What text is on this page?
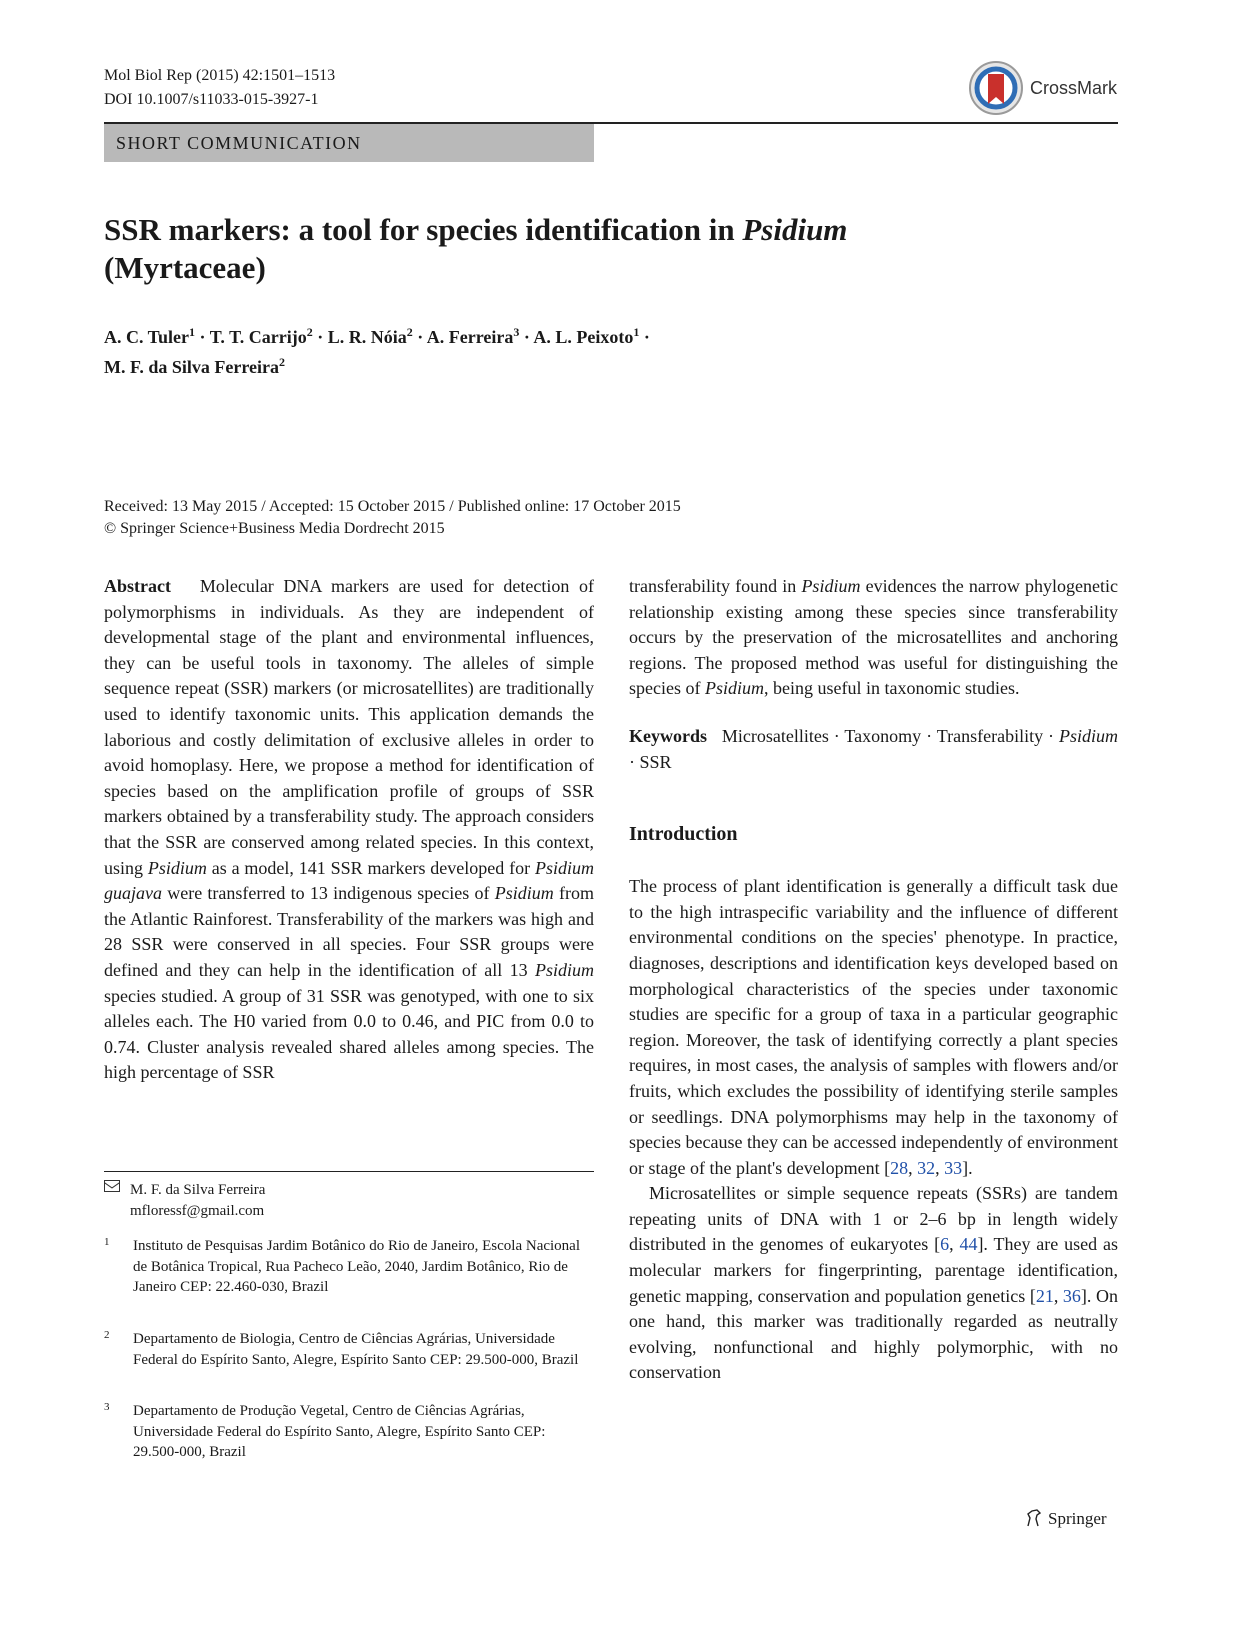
Mol Biol Rep (2015) 42:1501–1513
DOI 10.1007/s11033-015-3927-1
CrossMark
SHORT COMMUNICATION
SSR markers: a tool for species identification in Psidium
(Myrtaceae)
A. C. Tuler$^1$ · T. T. Carrijo$^2$ · L. R. Nóia$^2$ · A. Ferreira$^3$ · A. L. Peixoto$^1$ ·
M. F. da Silva Ferreira$^2$
Received: 13 May 2015 / Accepted: 15 October 2015 / Published online: 17 October 2015
© Springer Science+Business Media Dordrecht 2015

Abstract Molecular DNA markers are used for detection of polymorphisms in individuals. As they are independent of developmental stage of the plant and environmental influences, they can be useful tools in taxonomy. The alleles of simple sequence repeat (SSR) markers (or microsatellites) are traditionally used to identify taxonomic units. This application demands the laborious and costly delimitation of exclusive alleles in order to avoid homoplasy. Here, we propose a method for identification of species based on the amplification profile of groups of SSR markers obtained by a transferability study. The approach considers that the SSR are conserved among related species. In this context, using Psidium as a model, 141 SSR markers developed for Psidium guajava were transferred to 13 indigenous species of Psidium from the Atlantic Rainforest. Transferability of the markers was high and 28 SSR were conserved in all species. Four SSR groups were defined and they can help in the identification of all 13 Psidium species studied. A group of 31 SSR was genotyped, with one to six alleles each. The H0 varied from 0.0 to 0.46, and PIC from 0.0 to 0.74. Cluster analysis revealed shared alleles among species. The high percentage of SSR

M. F. da Silva Ferreira
mfloressf@gmail.com
1 Instituto de Pesquisas Jardim Botânico do Rio de Janeiro, Escola Nacional de Botânica Tropical, Rua Pacheco Leão, 2040, Jardim Botânico, Rio de Janeiro CEP: 22.460-030, Brazil
2 Departamento de Biologia, Centro de Ciências Agrárias, Universidade Federal do Espírito Santo, Alegre, Espírito Santo CEP: 29.500-000, Brazil
3 Departamento de Produção Vegetal, Centro de Ciências Agrárias, Universidade Federal do Espírito Santo, Alegre, Espírito Santo CEP: 29.500-000, Brazil

transferability found in Psidium evidences the narrow phylogenetic relationship existing among these species since transferability occurs by the preservation of the microsatellites and anchoring regions. The proposed method was useful for distinguishing the species of Psidium, being useful in taxonomic studies.

Keywords Microsatellites · Taxonomy · Transferability · Psidium · SSR

Introduction

The process of plant identification is generally a difficult task due to the high intraspecific variability and the influence of different environmental conditions on the species' phenotype. In practice, diagnoses, descriptions and identification keys developed based on morphological characteristics of the species under taxonomic studies are specific for a group of taxa in a particular geographic region. Moreover, the task of identifying correctly a plant species requires, in most cases, the analysis of samples with flowers and/or fruits, which excludes the possibility of identifying sterile samples or seedlings. DNA polymorphisms may help in the taxonomy of species because they can be accessed independently of environment or stage of the plant's development [28, 32, 33].

Microsatellites or simple sequence repeats (SSRs) are tandem repeating units of DNA with 1 or 2–6 bp in length widely distributed in the genomes of eukaryotes [6, 44]. They are used as molecular markers for fingerprinting, parentage identification, genetic mapping, conservation and population genetics [21, 36]. On one hand, this marker was traditionally regarded as neutrally evolving, nonfunctional and highly polymorphic, with no conservation

Springer
